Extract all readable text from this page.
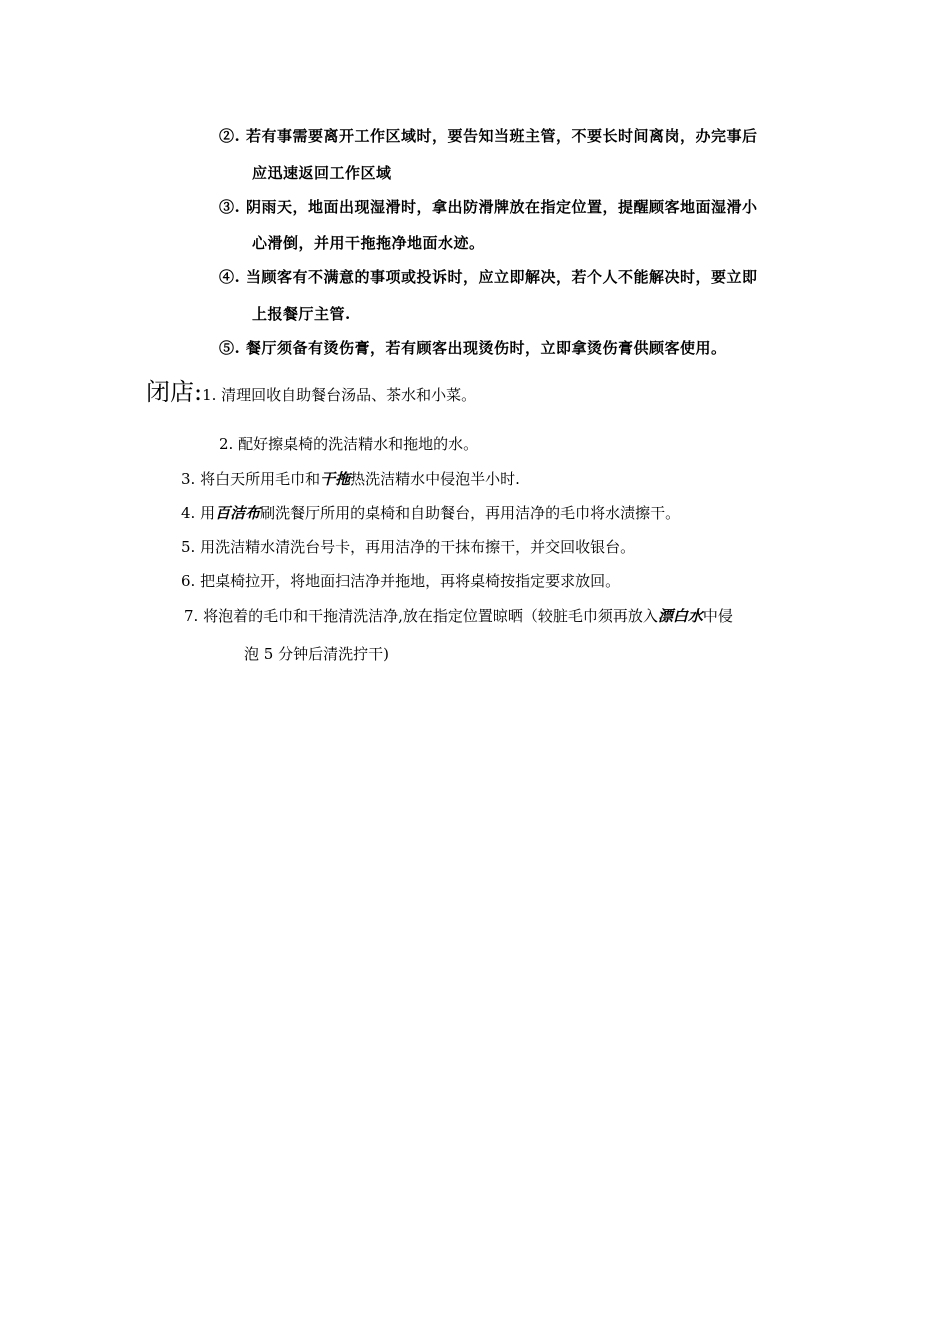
②. 若有事需要离开工作区域时，要告知当班主管，不要长时间离岗，办完事后
应迅速返回工作区域
③. 阴雨天，地面出现湿滑时，拿出防滑牌放在指定位置，提醒顾客地面湿滑小
心滑倒，并用干拖拖净地面水迹。
④. 当顾客有不满意的事项或投诉时，应立即解决，若个人不能解决时，要立即
上报餐厅主管.
⑤. 餐厅须备有烫伤膏，若有顾客出现烫伤时，立即拿烫伤膏供顾客使用。
闭店:1. 清理回收自助餐台汤品、茶水和小菜。
2. 配好擦桌椅的洗洁精水和拖地的水。
3. 将白天所用毛巾和干拖热洗洁精水中侵泡半小时.
4. 用百洁布刷洗餐厅所用的桌椅和自助餐台，再用洁净的毛巾将水渍擦干。
5. 用洗洁精水清洗台号卡，再用洁净的干抹布擦干，并交回收银台。
6. 把桌椅拉开，将地面扫洁净并拖地，再将桌椅按指定要求放回。
7. 将泡着的毛巾和干拖清洗洁净,放在指定位置晾晒（较脏毛巾须再放入漂白水中侵
泡 5 分钟后清洗拧干)
